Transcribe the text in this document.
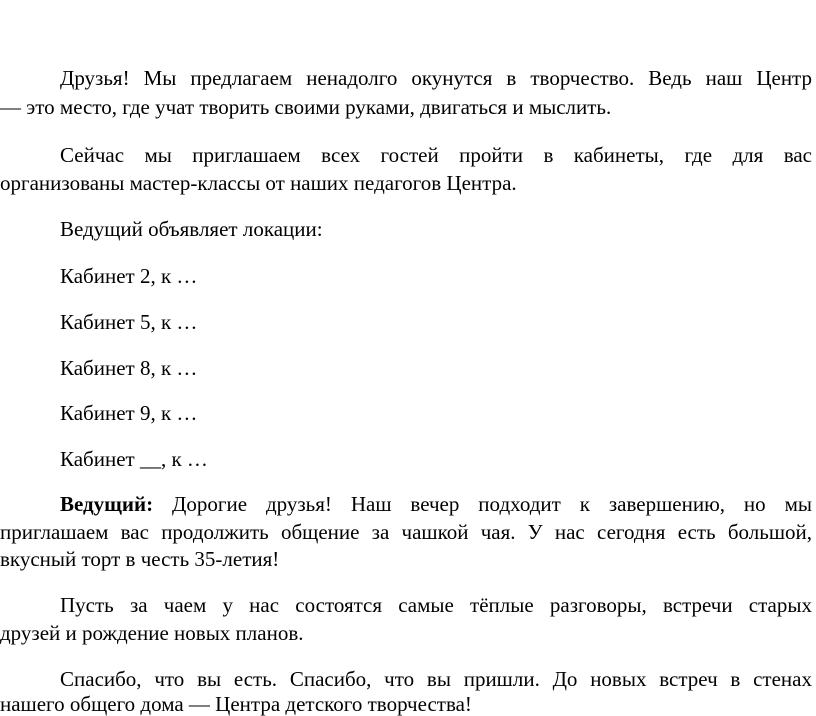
Друзья! Мы предлагаем ненадолго окунутся в творчество. Ведь наш Центр
— это место, где учат творить своими руками, двигаться и мыслить.
Сейчас мы приглашаем всех гостей пройти в кабинеты, где для вас
организованы мастер-классы от наших педагогов Центра.
Ведущий объявляет локации:
Кабинет 2, к …
Кабинет 5, к …
Кабинет 8, к …
Кабинет 9, к …
Кабинет __, к …
Ведущий: Дорогие друзья! Наш вечер подходит к завершению, но мы
приглашаем вас продолжить общение за чашкой чая. У нас сегодня есть большой,
вкусный торт в честь 35-летия!
Пусть за чаем у нас состоятся самые тёплые разговоры, встречи старых
друзей и рождение новых планов.
Спасибо, что вы есть. Спасибо, что вы пришли. До новых встреч в стенах
нашего общего дома — Центра детского творчества!
